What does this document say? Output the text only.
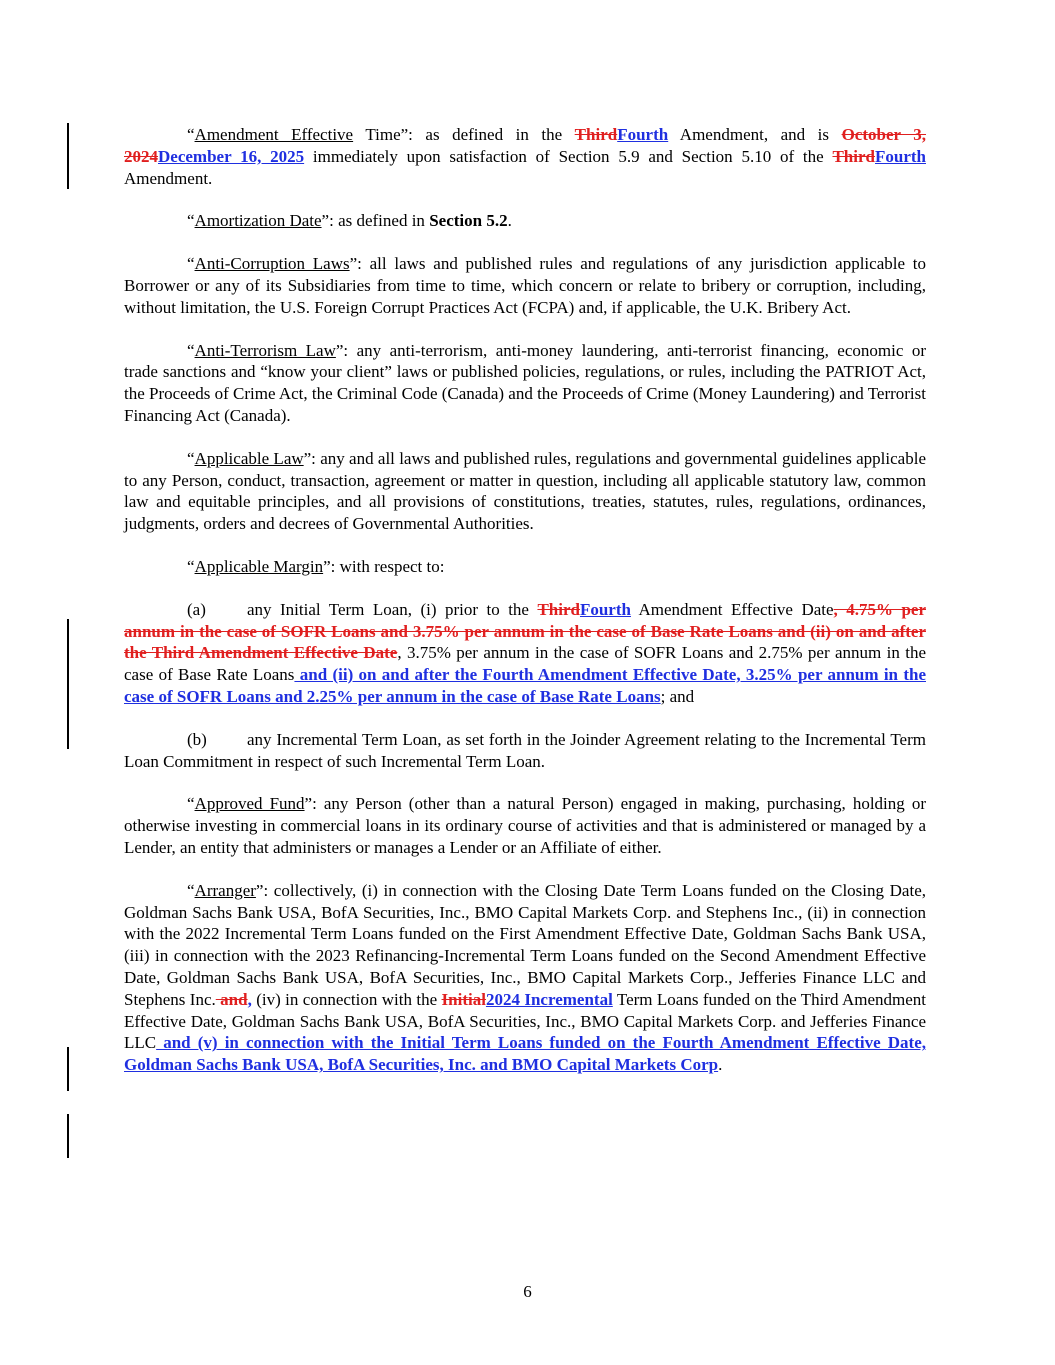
“Amendment Effective Time”: as defined in the ThirdFourth Amendment, and is October 3, 2024December 16, 2025 immediately upon satisfaction of Section 5.9 and Section 5.10 of the ThirdFourth Amendment.

“Amortization Date”: as defined in Section 5.2.

“Anti-Corruption Laws”: all laws and published rules and regulations of any jurisdiction applicable to Borrower or any of its Subsidiaries from time to time, which concern or relate to bribery or corruption, including, without limitation, the U.S. Foreign Corrupt Practices Act (FCPA) and, if applicable, the U.K. Bribery Act.

“Anti-Terrorism Law”: any anti-terrorism, anti-money laundering, anti-terrorist financing, economic or trade sanctions and “know your client” laws or published policies, regulations, or rules, including the PATRIOT Act, the Proceeds of Crime Act, the Criminal Code (Canada) and the Proceeds of Crime (Money Laundering) and Terrorist Financing Act (Canada).

“Applicable Law”: any and all laws and published rules, regulations and governmental guidelines applicable to any Person, conduct, transaction, agreement or matter in question, including all applicable statutory law, common law and equitable principles, and all provisions of constitutions, treaties, statutes, rules, regulations, ordinances, judgments, orders and decrees of Governmental Authorities.

“Applicable Margin”: with respect to:

(a) any Initial Term Loan, (i) prior to the ThirdFourth Amendment Effective Date, 4.75% per annum in the case of SOFR Loans and 3.75% per annum in the case of Base Rate Loans and (ii) on and after the Third Amendment Effective Date, 3.75% per annum in the case of SOFR Loans and 2.75% per annum in the case of Base Rate Loans and (ii) on and after the Fourth Amendment Effective Date, 3.25% per annum in the case of SOFR Loans and 2.25% per annum in the case of Base Rate Loans; and

(b) any Incremental Term Loan, as set forth in the Joinder Agreement relating to the Incremental Term Loan Commitment in respect of such Incremental Term Loan.

“Approved Fund”: any Person (other than a natural Person) engaged in making, purchasing, holding or otherwise investing in commercial loans in its ordinary course of activities and that is administered or managed by a Lender, an entity that administers or manages a Lender or an Affiliate of either.

“Arranger”: collectively, (i) in connection with the Closing Date Term Loans funded on the Closing Date, Goldman Sachs Bank USA, BofA Securities, Inc., BMO Capital Markets Corp. and Stephens Inc., (ii) in connection with the 2022 Incremental Term Loans funded on the First Amendment Effective Date, Goldman Sachs Bank USA, (iii) in connection with the 2023 Refinancing-Incremental Term Loans funded on the Second Amendment Effective Date, Goldman Sachs Bank USA, BofA Securities, Inc., BMO Capital Markets Corp., Jefferies Finance LLC and Stephens Inc. and, (iv) in connection with the Initial2024 Incremental Term Loans funded on the Third Amendment Effective Date, Goldman Sachs Bank USA, BofA Securities, Inc., BMO Capital Markets Corp. and Jefferies Finance LLC and (v) in connection with the Initial Term Loans funded on the Fourth Amendment Effective Date, Goldman Sachs Bank USA, BofA Securities, Inc. and BMO Capital Markets Corp.

6
